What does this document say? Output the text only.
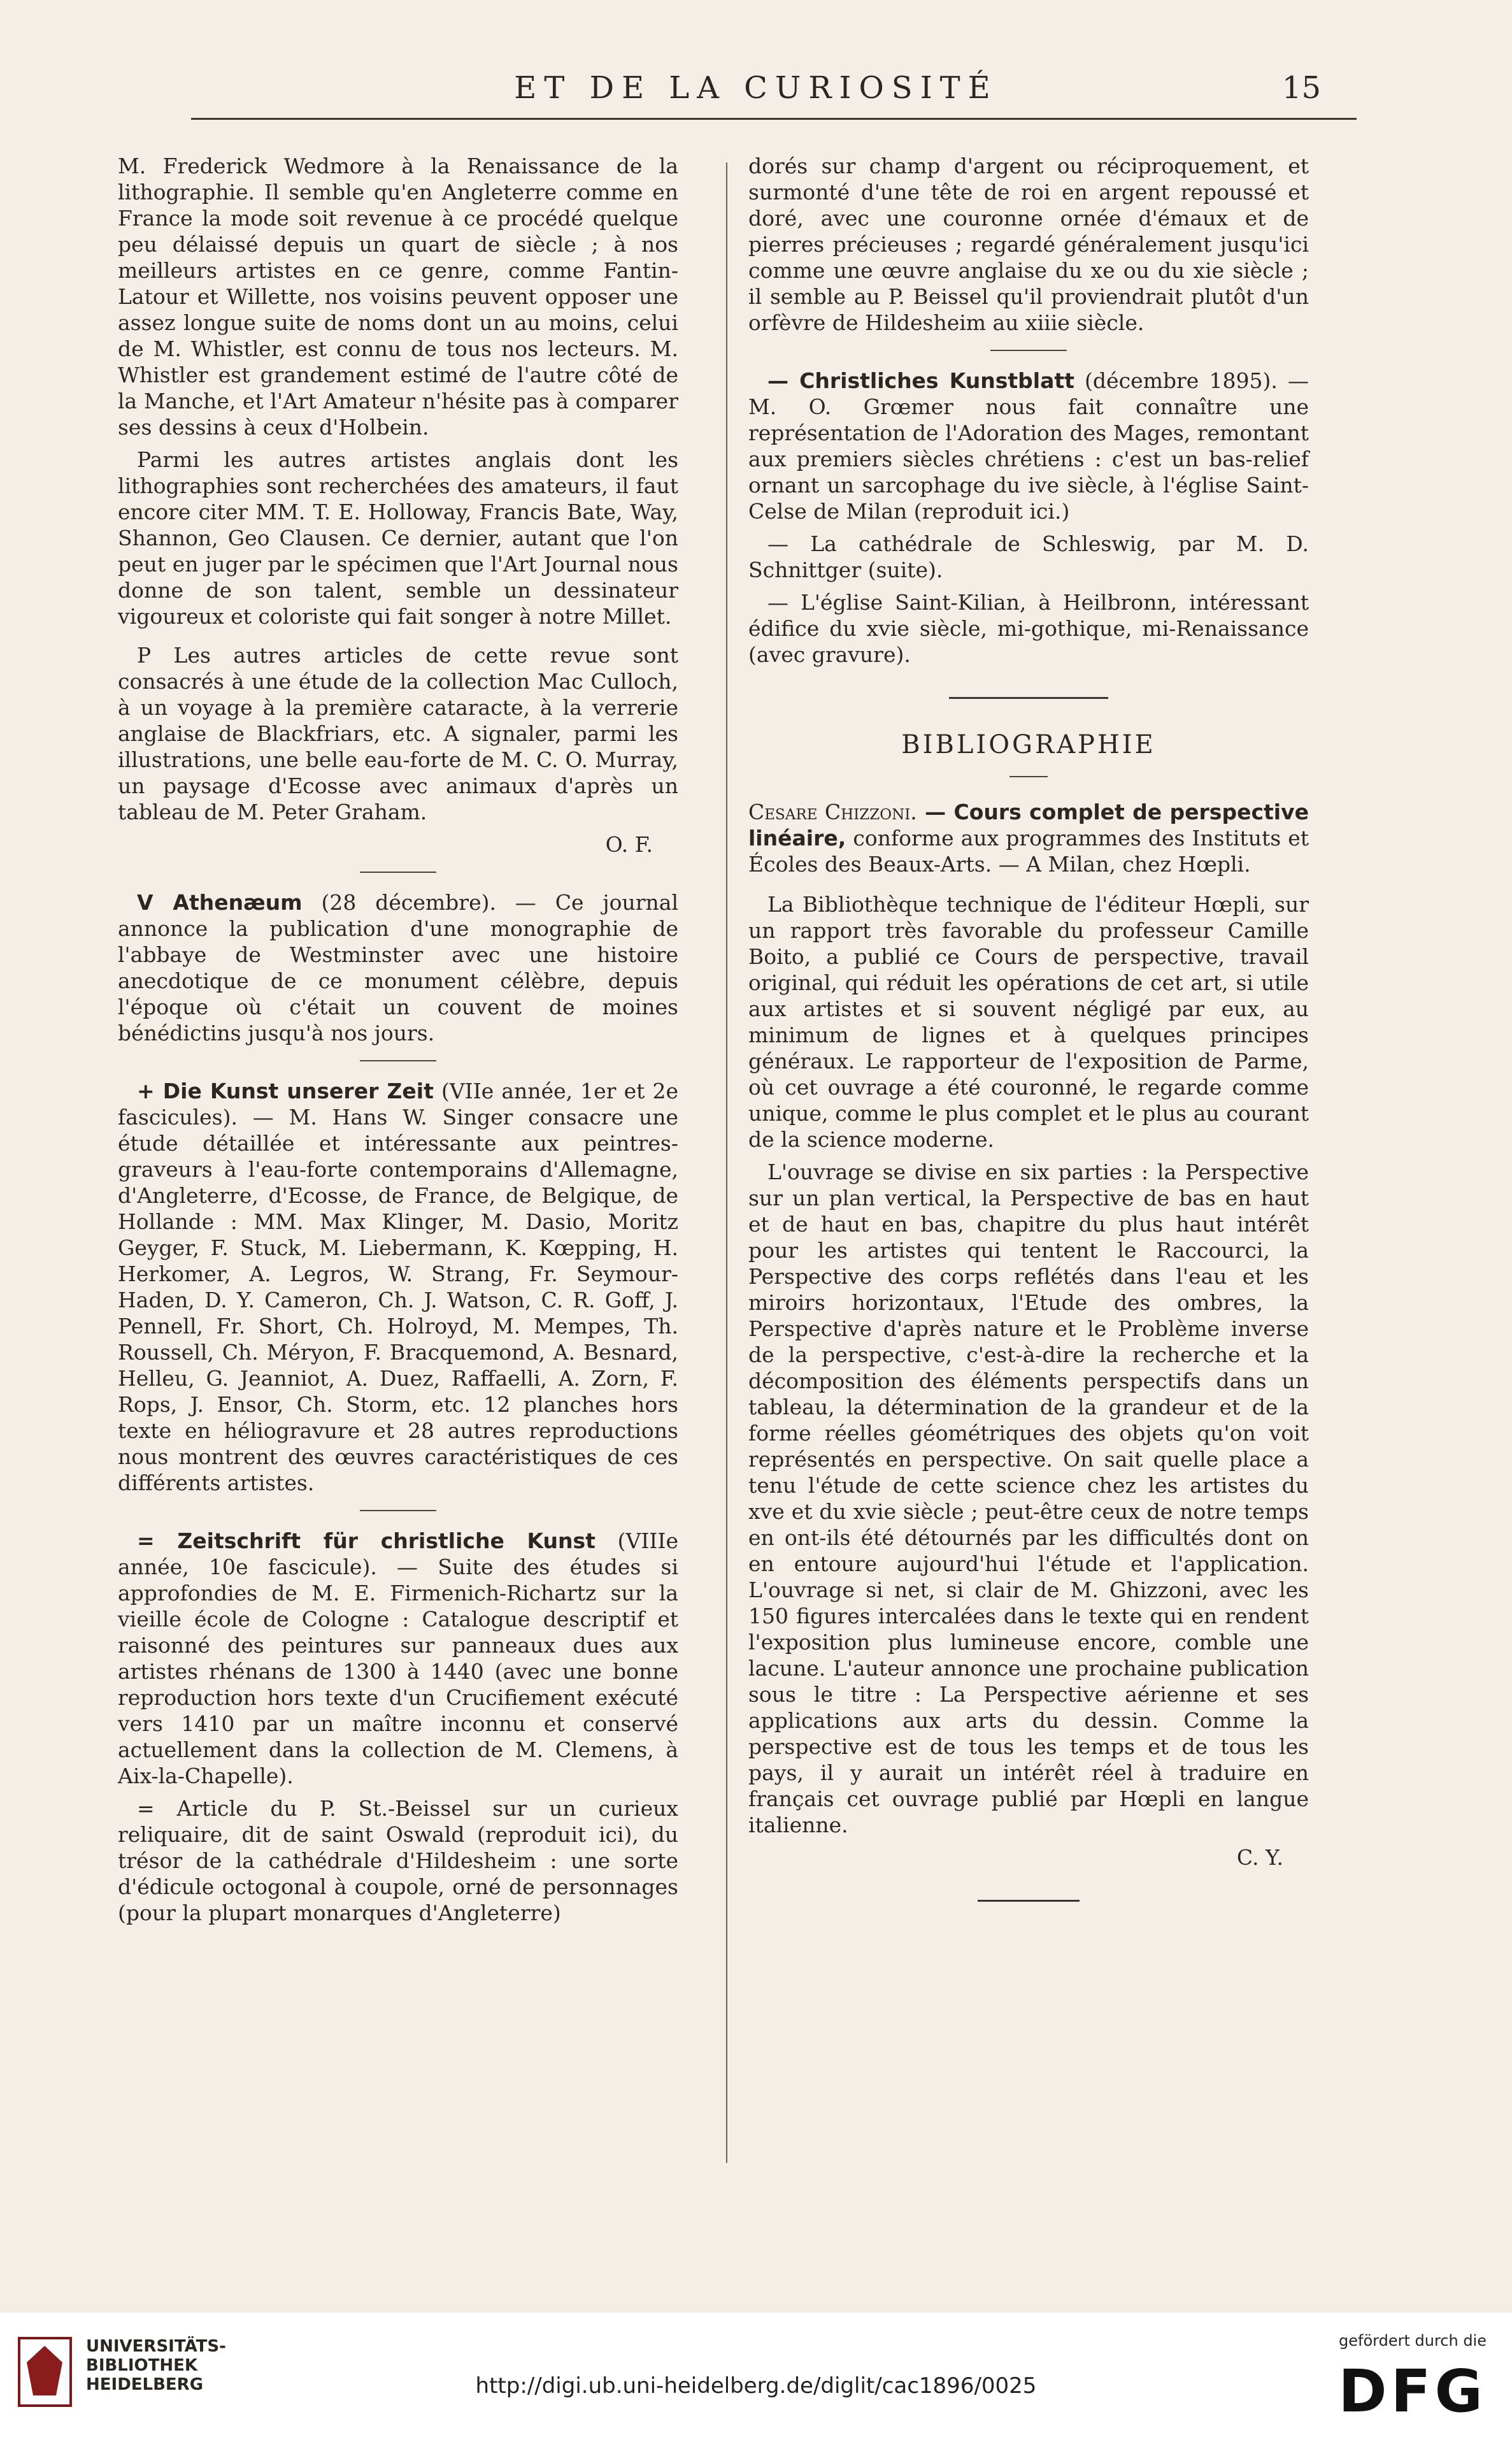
ET DE LA CURIOSITÉ	15

M. Frederick Wedmore à la Renaissance de la lithographie. Il semble qu'en Angleterre comme en France la mode soit revenue à ce procédé quelque peu délaissé depuis un quart de siècle ; à nos meilleurs artistes en ce genre, comme Fantin-Latour et Willette, nos voisins peuvent opposer une assez longue suite de noms dont un au moins, celui de M. Whistler, est connu de tous nos lecteurs. M. Whistler est grandement estimé de l'autre côté de la Manche, et l'Art Amateur n'hésite pas à comparer ses dessins à ceux d'Holbein.

Parmi les autres artistes anglais dont les lithographies sont recherchées des amateurs, il faut encore citer MM. T. E. Holloway, Francis Bate, Way, Shannon, Geo Clausen. Ce dernier, autant que l'on peut en juger par le spécimen que l'Art Journal nous donne de son talent, semble un dessinateur vigoureux et coloriste qui fait songer à notre Millet.

P Les autres articles de cette revue sont consacrés à une étude de la collection Mac Culloch, à un voyage à la première cataracte, à la verrerie anglaise de Blackfriars, etc. A signaler, parmi les illustrations, une belle eau-forte de M. C. O. Murray, un paysage d'Ecosse avec animaux d'après un tableau de M. Peter Graham.

O. F.

V Athenæum (28 décembre). — Ce journal annonce la publication d'une monographie de l'abbaye de Westminster avec une histoire anecdotique de ce monument célèbre, depuis l'époque où c'était un couvent de moines bénédictins jusqu'à nos jours.

+ Die Kunst unserer Zeit (VIIe année, 1er et 2e fascicules). — M. Hans W. Singer consacre une étude détaillée et intéressante aux peintres-graveurs à l'eau-forte contemporains d'Allemagne, d'Angleterre, d'Ecosse, de France, de Belgique, de Hollande : MM. Max Klinger, M. Dasio, Moritz Geyger, F. Stuck, M. Liebermann, K. Kœpping, H. Herkomer, A. Legros, W. Strang, Fr. Seymour-Haden, D. Y. Cameron, Ch. J. Watson, C. R. Goff, J. Pennell, Fr. Short, Ch. Holroyd, M. Mempes, Th. Roussell, Ch. Méryon, F. Bracquemond, A. Besnard, Helleu, G. Jeanniot, A. Duez, Raffaelli, A. Zorn, F. Rops, J. Ensor, Ch. Storm, etc. 12 planches hors texte en héliogravure et 28 autres reproductions nous montrent des œuvres caractéristiques de ces différents artistes.

= Zeitschrift für christliche Kunst (VIIIe année, 10e fascicule). — Suite des études si approfondies de M. E. Firmenich-Richartz sur la vieille école de Cologne : Catalogue descriptif et raisonné des peintures sur panneaux dues aux artistes rhénans de 1300 à 1440 (avec une bonne reproduction hors texte d'un Crucifiement exécuté vers 1410 par un maître inconnu et conservé actuellement dans la collection de M. Clemens, à Aix-la-Chapelle).

= Article du P. St.-Beissel sur un curieux reliquaire, dit de saint Oswald (reproduit ici), du trésor de la cathédrale d'Hildesheim : une sorte d'édicule octogonal à coupole, orné de personnages (pour la plupart monarques d'Angleterre)

dorés sur champ d'argent ou réciproquement, et surmonté d'une tête de roi en argent repoussé et doré, avec une couronne ornée d'émaux et de pierres précieuses ; regardé généralement jusqu'ici comme une œuvre anglaise du xe ou du xie siècle ; il semble au P. Beissel qu'il proviendrait plutôt d'un orfèvre de Hildesheim au xiiie siècle.

— Christliches Kunstblatt (décembre 1895). — M. O. Grœmer nous fait connaître une représentation de l'Adoration des Mages, remontant aux premiers siècles chrétiens : c'est un bas-relief ornant un sarcophage du ive siècle, à l'église Saint-Celse de Milan (reproduit ici.)

— La cathédrale de Schleswig, par M. D. Schnittger (suite).

— L'église Saint-Kilian, à Heilbronn, intéressant édifice du xvie siècle, mi-gothique, mi-Renaissance (avec gravure).

BIBLIOGRAPHIE

Cesare Chizzoni. — Cours complet de perspective linéaire, conforme aux programmes des Instituts et Écoles des Beaux-Arts. — A Milan, chez Hœpli.

La Bibliothèque technique de l'éditeur Hœpli, sur un rapport très favorable du professeur Camille Boito, a publié ce Cours de perspective, travail original, qui réduit les opérations de cet art, si utile aux artistes et si souvent négligé par eux, au minimum de lignes et à quelques principes généraux. Le rapporteur de l'exposition de Parme, où cet ouvrage a été couronné, le regarde comme unique, comme le plus complet et le plus au courant de la science moderne.

L'ouvrage se divise en six parties : la Perspective sur un plan vertical, la Perspective de bas en haut et de haut en bas, chapitre du plus haut intérêt pour les artistes qui tentent le Raccourci, la Perspective des corps reflétés dans l'eau et les miroirs horizontaux, l'Etude des ombres, la Perspective d'après nature et le Problème inverse de la perspective, c'est-à-dire la recherche et la décomposition des éléments perspectifs dans un tableau, la détermination de la grandeur et de la forme réelles géométriques des objets qu'on voit représentés en perspective. On sait quelle place a tenu l'étude de cette science chez les artistes du xve et du xvie siècle ; peut-être ceux de notre temps en ont-ils été détournés par les difficultés dont on en entoure aujourd'hui l'étude et l'application. L'ouvrage si net, si clair de M. Ghizzoni, avec les 150 figures intercalées dans le texte qui en rendent l'exposition plus lumineuse encore, comble une lacune. L'auteur annonce une prochaine publication sous le titre : La Perspective aérienne et ses applications aux arts du dessin. Comme la perspective est de tous les temps et de tous les pays, il y aurait un intérêt réel à traduire en français cet ouvrage publié par Hœpli en langue italienne.

C. Y.

UNIVERSITÄTS-
BIBLIOTHEK
HEIDELBERG	http://digi.ub.uni-heidelberg.de/diglit/cac1896/0025
gefördert durch die
DFG
